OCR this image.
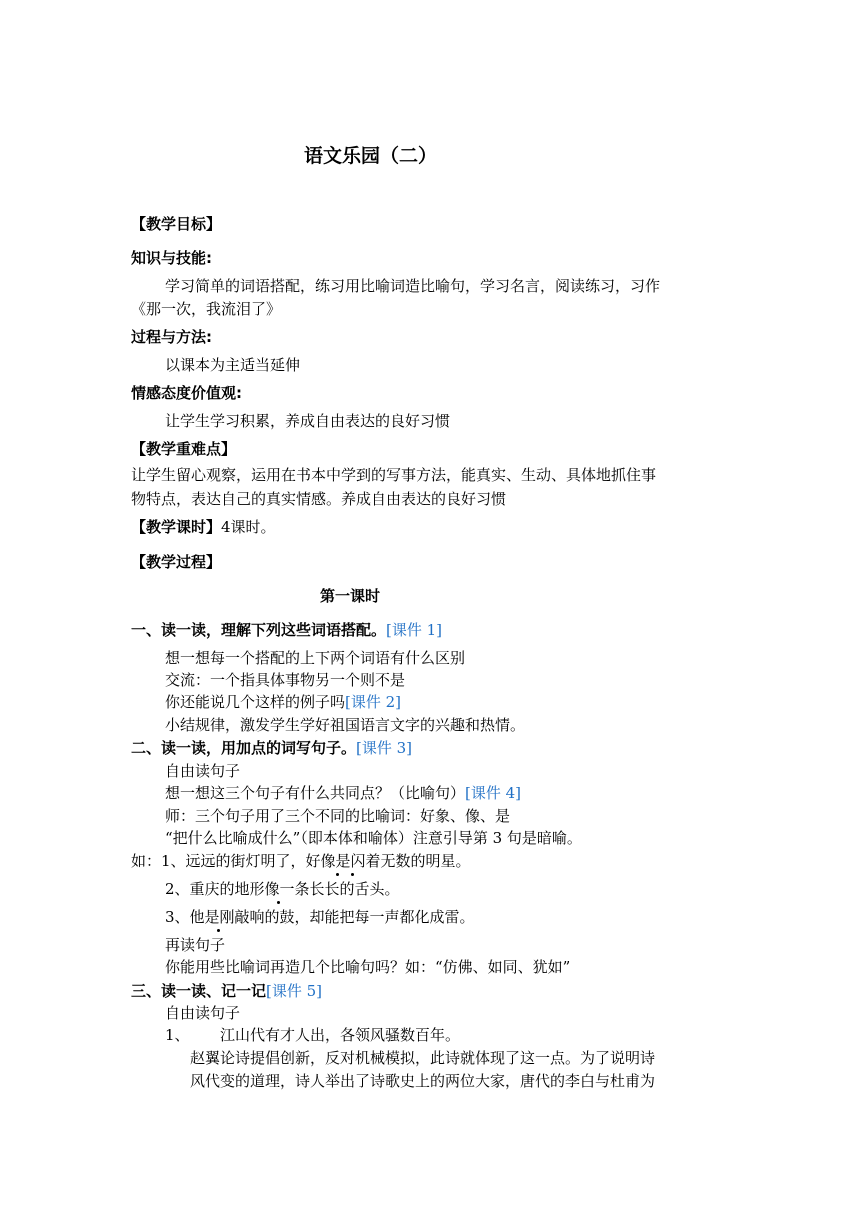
语文乐园（二）
【教学目标】
知识与技能:
学习简单的词语搭配，练习用比喻词造比喻句，学习名言，阅读练习，习作
《那一次，我流泪了》
过程与方法:
以课本为主适当延伸
情感态度价值观:
让学生学习积累，养成自由表达的良好习惯
【教学重难点】
让学生留心观察，运用在书本中学到的写事方法，能真实、生动、具体地抓住事
物特点，表达自己的真实情感。养成自由表达的良好习惯
【教学课时】4课时。
【教学过程】
第一课时
一、读一读，理解下列这些词语搭配。[课件 1]
想一想每一个搭配的上下两个词语有什么区别
交流：一个指具体事物另一个则不是
你还能说几个这样的例子吗[课件 2]
小结规律，激发学生学好祖国语言文字的兴趣和热情。
二、读一读，用加点的词写句子。[课件 3]
自由读句子
想一想这三个句子有什么共同点？（比喻句）[课件 4]
师：三个句子用了三个不同的比喻词：好象、像、是
“把什么比喻成什么”（即本体和喻体）注意引导第 3 句是暗喻。
如：1、远远的街灯明了，好像是闪着无数的明星。
2、重庆的地形像一条长长的舌头。
3、他是刚敲响的鼓，却能把每一声都化成雷。
再读句子
你能用些比喻词再造几个比喻句吗？如：“仿佛、如同、犹如”
三、读一读、记一记[课件 5]
自由读句子
1、 江山代有才人出，各领风骚数百年。
赵翼论诗提倡创新，反对机械模拟，此诗就体现了这一点。为了说明诗
风代变的道理，诗人举出了诗歌史上的两位大家，唐代的李白与杜甫为
